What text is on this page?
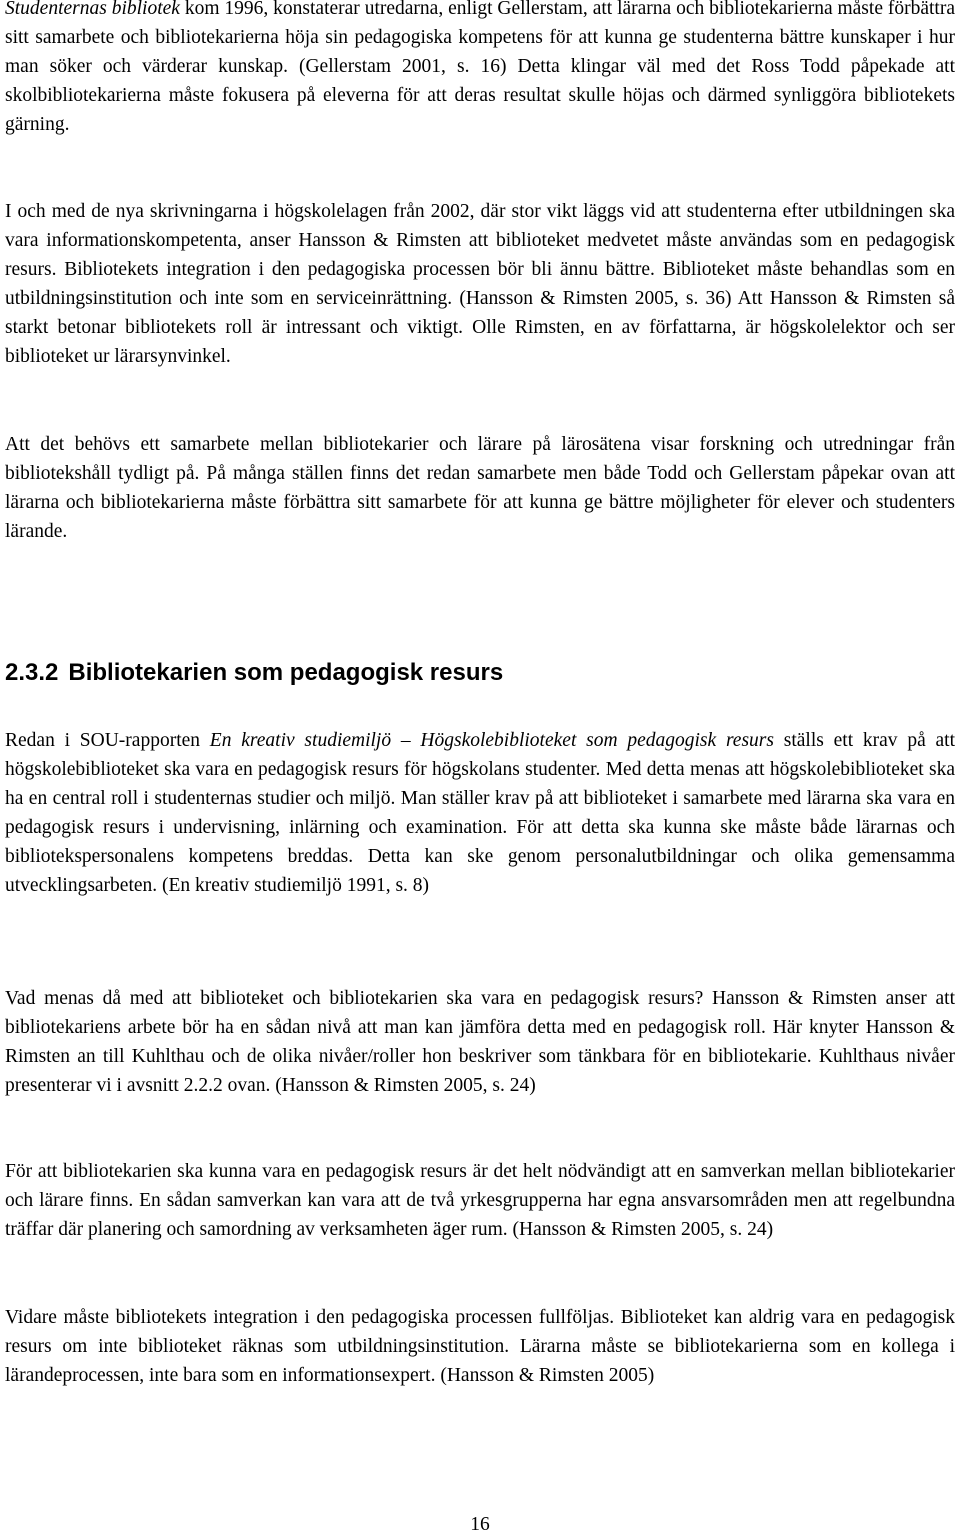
Studenternas bibliotek kom 1996, konstaterar utredarna, enligt Gellerstam, att lärarna och bibliotekarierna måste förbättra sitt samarbete och bibliotekarierna höja sin pedagogiska kompetens för att kunna ge studenterna bättre kunskaper i hur man söker och värderar kunskap. (Gellerstam 2001, s. 16) Detta klingar väl med det Ross Todd påpekade att skolbibliotekarierna måste fokusera på eleverna för att deras resultat skulle höjas och därmed synliggöra bibliotekets gärning.

I och med de nya skrivningarna i högskolelagen från 2002, där stor vikt läggs vid att studenterna efter utbildningen ska vara informationskompetenta, anser Hansson & Rimsten att biblioteket medvetet måste användas som en pedagogisk resurs. Bibliotekets integration i den pedagogiska processen bör bli ännu bättre. Biblioteket måste behandlas som en utbildningsinstitution och inte som en serviceinrättning. (Hansson & Rimsten 2005, s. 36) Att Hansson & Rimsten så starkt betonar bibliotekets roll är intressant och viktigt. Olle Rimsten, en av författarna, är högskolelektor och ser biblioteket ur lärarsynvinkel.

Att det behövs ett samarbete mellan bibliotekarier och lärare på lärosätena visar forskning och utredningar från bibliotekshåll tydligt på. På många ställen finns det redan samarbete men både Todd och Gellerstam påpekar ovan att lärarna och bibliotekarierna måste förbättra sitt samarbete för att kunna ge bättre möjligheter för elever och studenters lärande.

2.3.2 Bibliotekarien som pedagogisk resurs

Redan i SOU-rapporten En kreativ studiemiljö – Högskolebiblioteket som pedagogisk resurs ställs ett krav på att högskolebiblioteket ska vara en pedagogisk resurs för högskolans studenter. Med detta menas att högskolebiblioteket ska ha en central roll i studenternas studier och miljö. Man ställer krav på att biblioteket i samarbete med lärarna ska vara en pedagogisk resurs i undervisning, inlärning och examination. För att detta ska kunna ske måste både lärarnas och bibliotekspersonalens kompetens breddas. Detta kan ske genom personalutbildningar och olika gemensamma utvecklingsarbeten. (En kreativ studiemiljö 1991, s. 8)

Vad menas då med att biblioteket och bibliotekarien ska vara en pedagogisk resurs? Hansson & Rimsten anser att bibliotekariens arbete bör ha en sådan nivå att man kan jämföra detta med en pedagogisk roll. Här knyter Hansson & Rimsten an till Kuhlthau och de olika nivåer/roller hon beskriver som tänkbara för en bibliotekarie. Kuhlthaus nivåer presenterar vi i avsnitt 2.2.2 ovan. (Hansson & Rimsten 2005, s. 24)

För att bibliotekarien ska kunna vara en pedagogisk resurs är det helt nödvändigt att en samverkan mellan bibliotekarier och lärare finns. En sådan samverkan kan vara att de två yrkesgrupperna har egna ansvarsområden men att regelbundna träffar där planering och samordning av verksamheten äger rum. (Hansson & Rimsten 2005, s. 24)

Vidare måste bibliotekets integration i den pedagogiska processen fullföljas. Biblioteket kan aldrig vara en pedagogisk resurs om inte biblioteket räknas som utbildningsinstitution. Lärarna måste se bibliotekarierna som en kollega i lärandeprocessen, inte bara som en informationsexpert. (Hansson & Rimsten 2005)

16
